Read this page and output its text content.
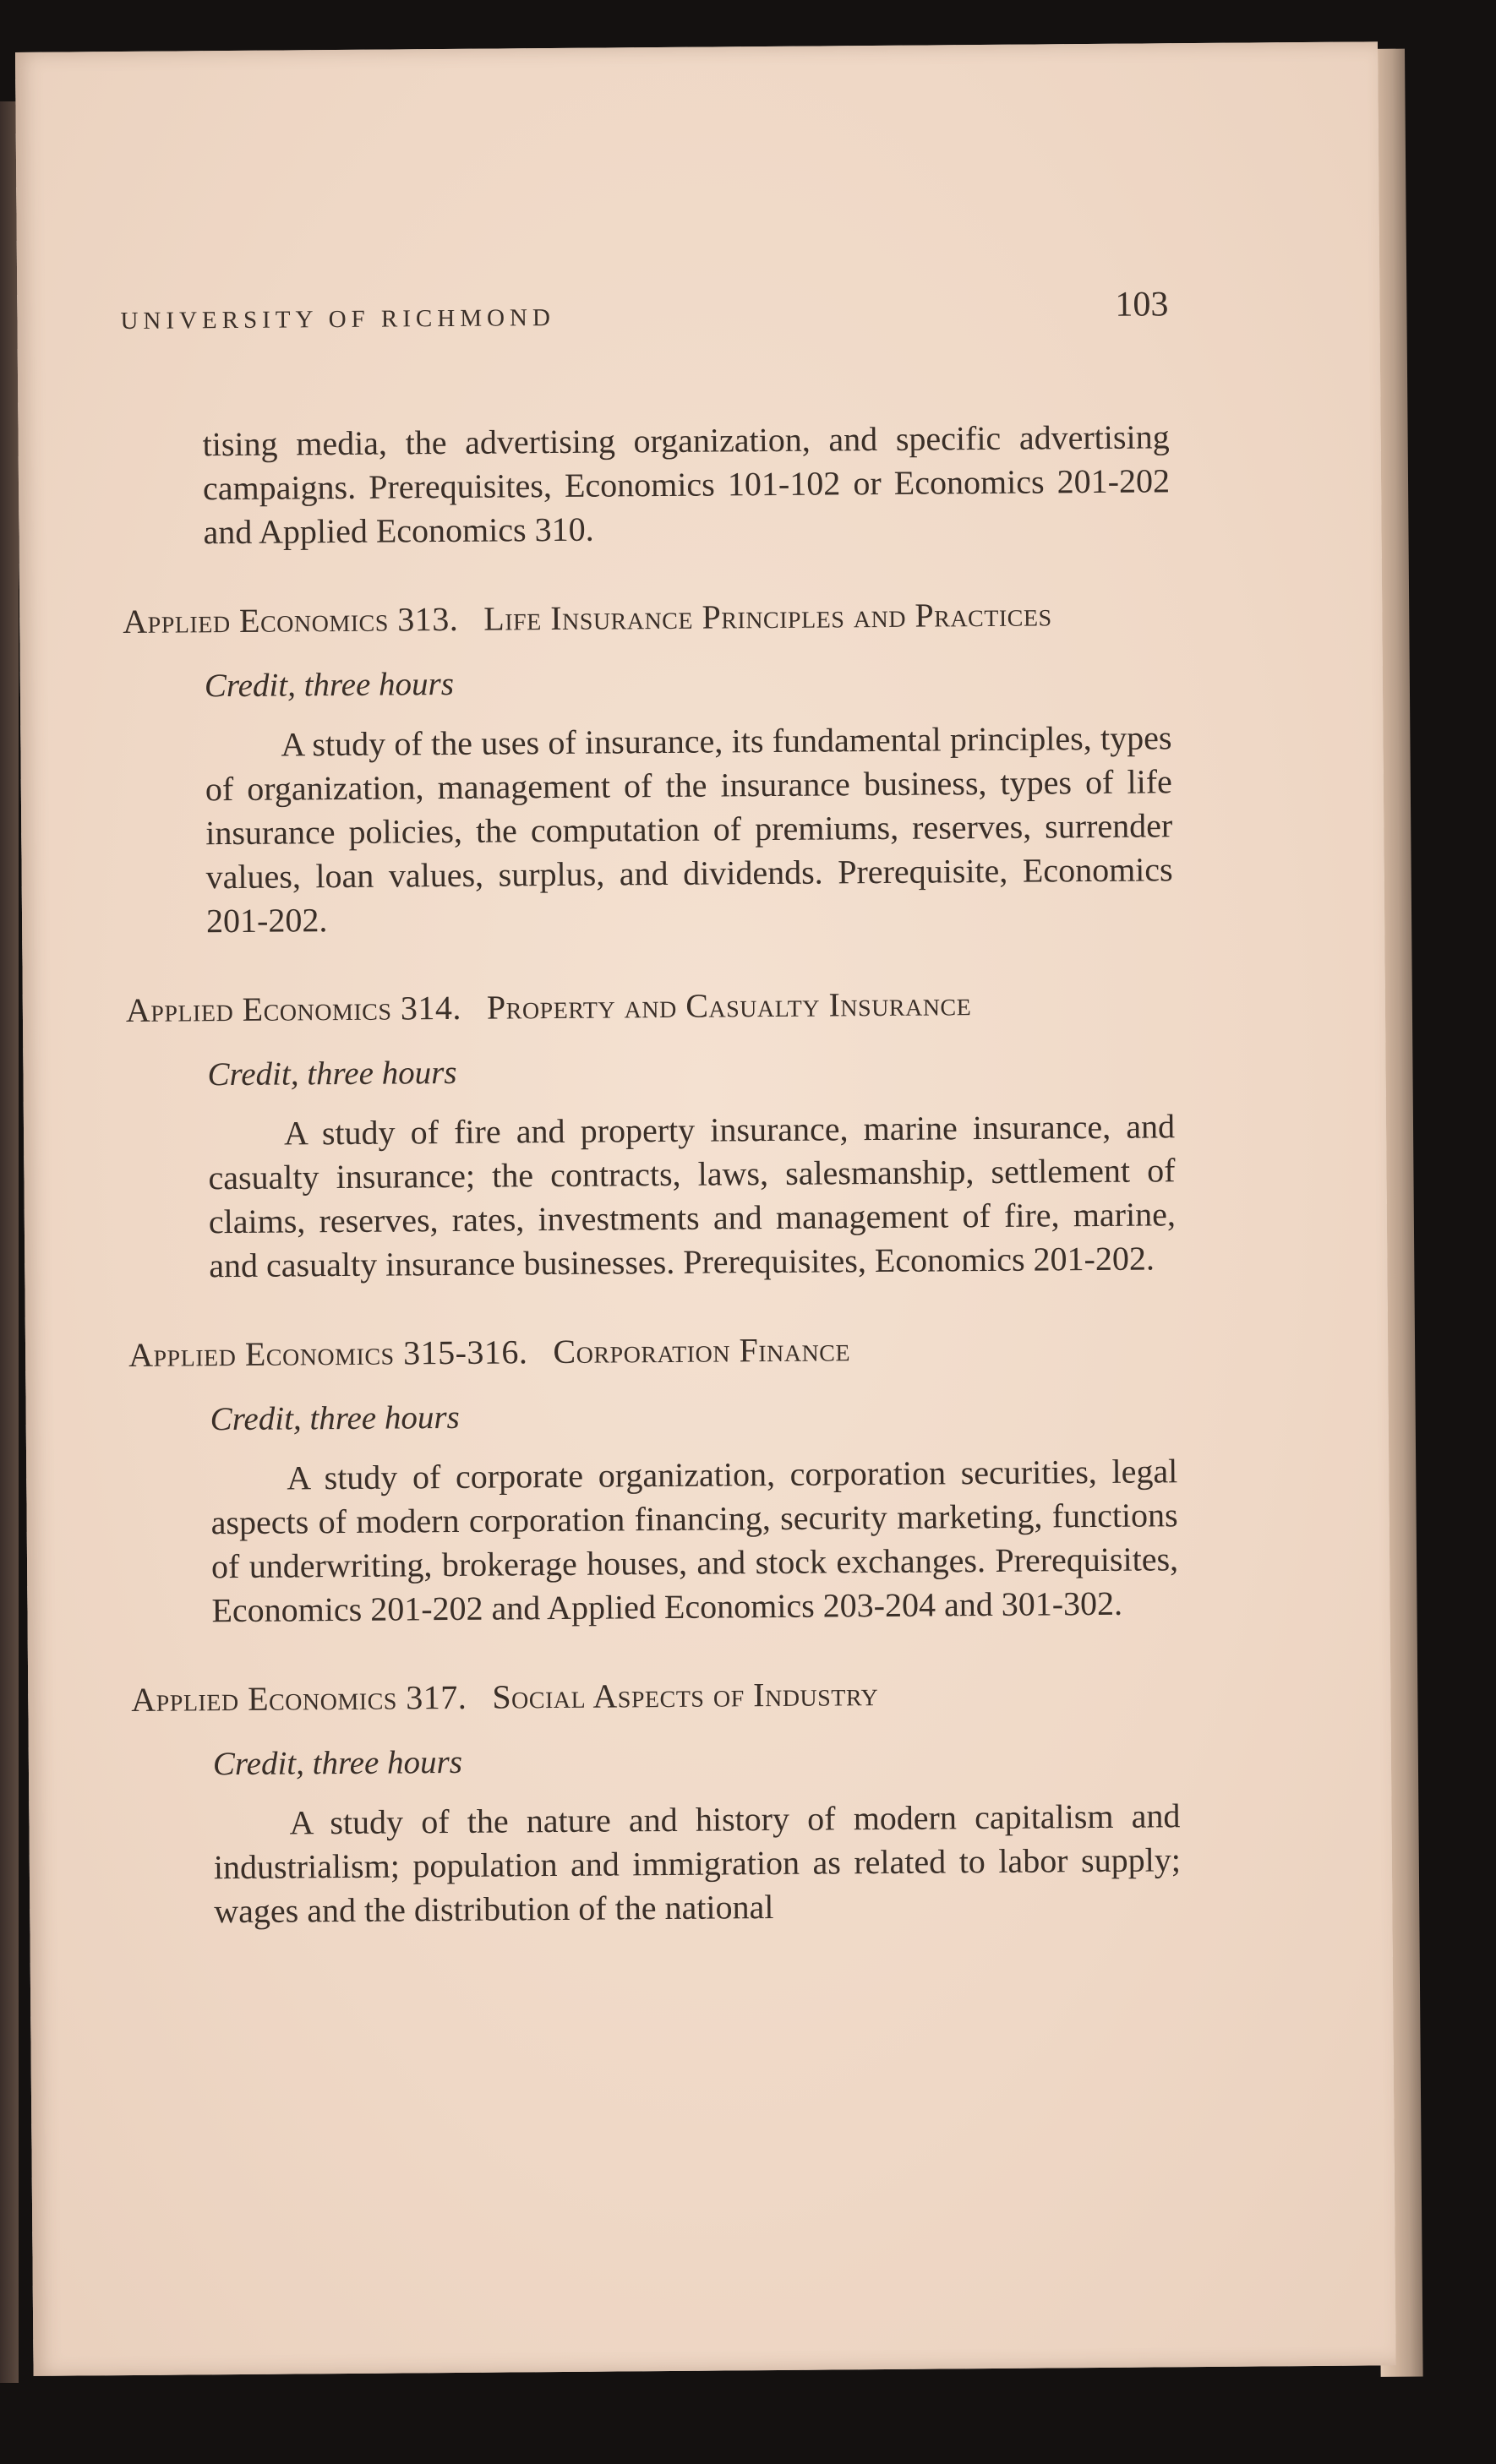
UNIVERSITY OF RICHMOND	103

tising media, the advertising organization, and specific advertising campaigns. Prerequisites, Economics 101-102 or Economics 201-202 and Applied Economics 310.

Applied Economics 313. Life Insurance Principles and Practices

Credit, three hours

A study of the uses of insurance, its fundamental principles, types of organization, management of the insurance business, types of life insurance policies, the computation of premiums, reserves, surrender values, loan values, surplus, and dividends. Prerequisite, Economics 201-202.

Applied Economics 314. Property and Casualty Insurance

Credit, three hours

A study of fire and property insurance, marine insurance, and casualty insurance; the contracts, laws, salesmanship, settlement of claims, reserves, rates, investments and management of fire, marine, and casualty insurance businesses. Prerequisites, Economics 201-202.

Applied Economics 315-316. Corporation Finance

Credit, three hours

A study of corporate organization, corporation securities, legal aspects of modern corporation financing, security marketing, functions of underwriting, brokerage houses, and stock exchanges. Prerequisites, Economics 201-202 and Applied Economics 203-204 and 301-302.

Applied Economics 317. Social Aspects of Industry

Credit, three hours

A study of the nature and history of modern capitalism and industrialism; population and immigration as related to labor supply; wages and the distribution of the national
